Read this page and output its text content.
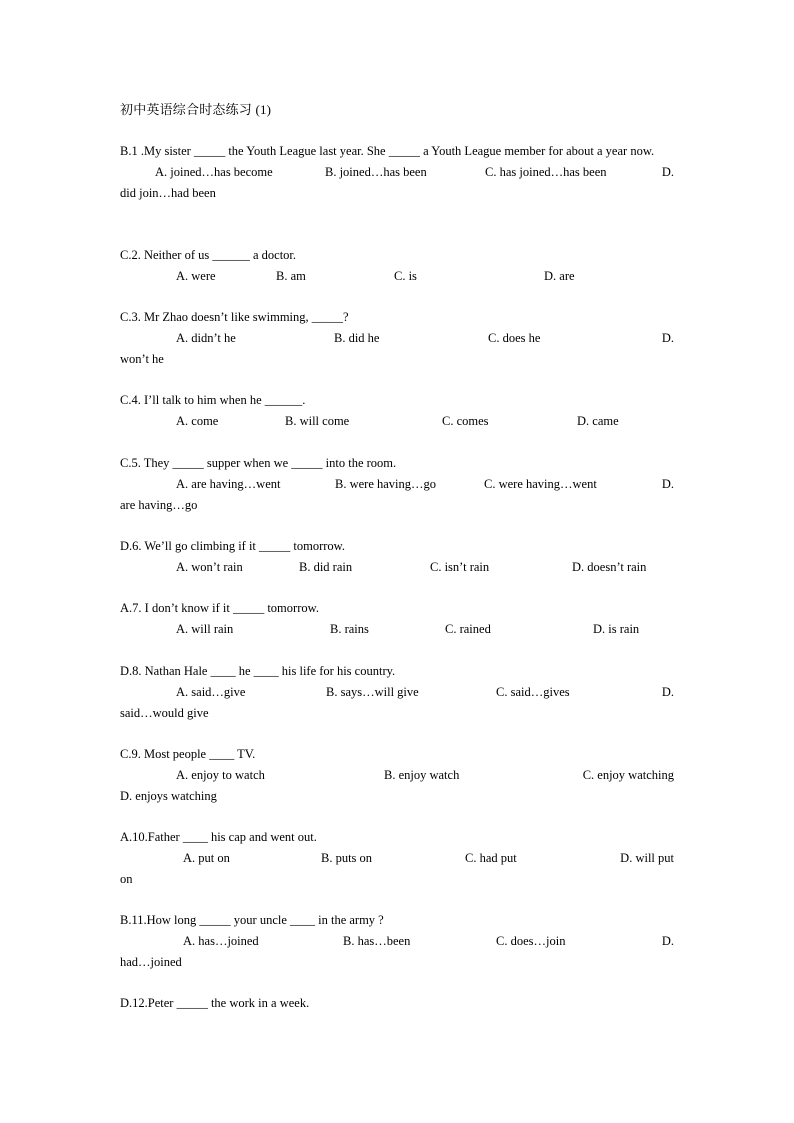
初中英语综合时态练习 (1)
B.1 .My sister _____ the Youth League last year. She _____ a Youth League member for about a year now.
A. joined…has become	B. joined…has been	C. has joined…has been	D.
did join…had been
C.2. Neither of us ______ a doctor.
A. were	B. am	C. is	D. are
C.3. Mr Zhao doesn’t like swimming, _____?
A. didn’t he	B. did he	C. does he	D.
won’t he
C.4. I’ll talk to him when he ______.
A. come	B. will come	C. comes	D. came
C.5. They _____ supper when we _____ into the room.
A. are having…went	B. were having…go	C. were having…went	D.
are having…go
D.6. We’ll go climbing if it _____ tomorrow.
A. won’t rain	B. did rain	C. isn’t rain	D. doesn’t rain
A.7. I don’t know if it _____ tomorrow.
A. will rain	B. rains	C. rained	D. is rain
D.8. Nathan Hale ____ he ____ his life for his country.
A. said…give	B. says…will give	C. said…gives	D.
said…would give
C.9. Most people ____ TV.
A. enjoy to watch	B. enjoy watch	C. enjoy watching
D. enjoys watching
A.10.Father ____ his cap and went out.
A. put on	B. puts on	C. had put	D. will put
on
B.11.How long _____ your uncle ____ in the army ?
A. has…joined	B. has…been	C. does…join	D.
had…joined
D.12.Peter _____ the work in a week.
